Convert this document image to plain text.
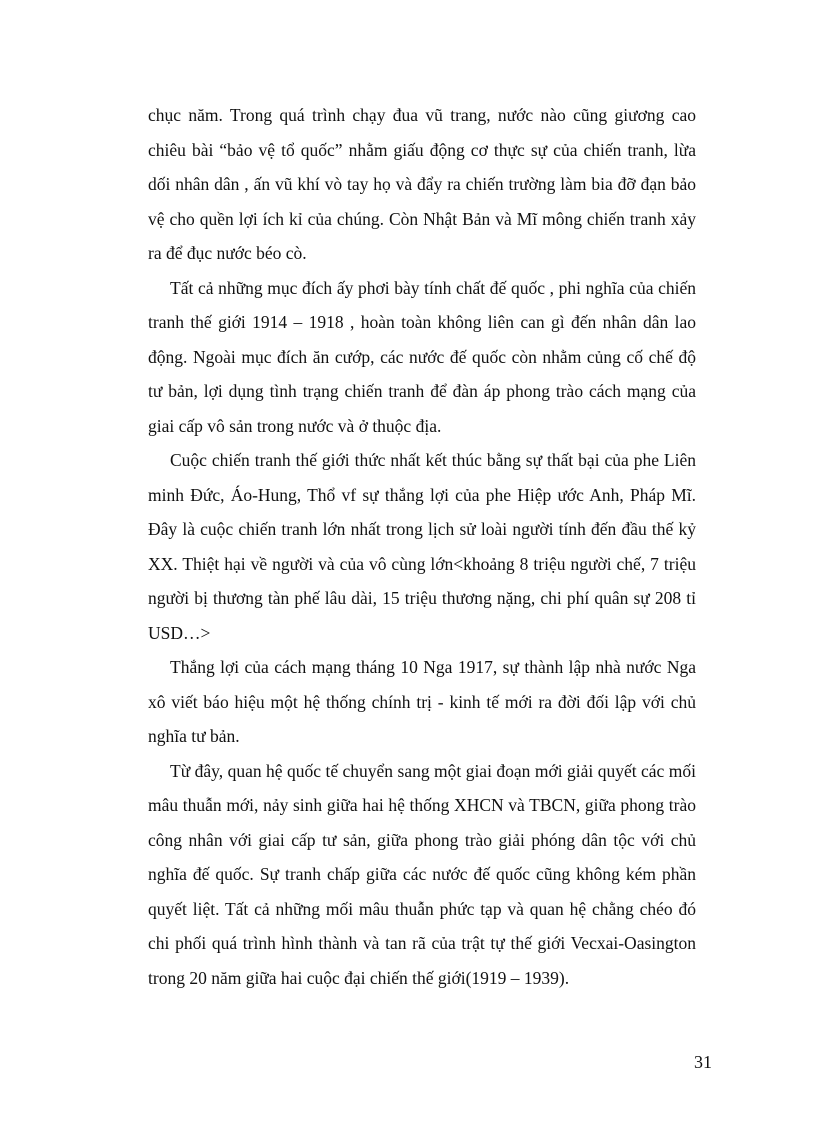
chục năm. Trong quá trình chạy đua vũ trang, nước nào cũng giương cao chiêu bài “bảo vệ tổ quốc” nhằm giấu động cơ thực sự của chiến tranh, lừa dối nhân dân , ấn vũ khí vò tay họ và đẩy ra chiến trường làm bia đỡ đạn bảo vệ cho quền lợi ích kỉ của chúng. Còn Nhật Bản và Mĩ mông chiến tranh xảy ra để đục nước béo cò.

Tất cả những mục đích ấy phơi bày tính chất đế quốc , phi nghĩa của chiến tranh thế giới 1914 – 1918 , hoàn toàn không liên can gì đến nhân dân lao động. Ngoài mục đích ăn cướp, các nước đế quốc còn nhằm củng cố chế độ tư bản, lợi dụng tình trạng chiến tranh để đàn áp phong trào cách mạng của giai cấp vô sản trong nước và ở thuộc địa.

Cuộc chiến tranh thế giới thức nhất kết thúc bằng sự thất bại của phe Liên minh Đức, Áo-Hung, Thổ vf sự thắng lợi của phe Hiệp ước Anh, Pháp Mĩ. Đây là cuộc chiến tranh lớn nhất trong lịch sử loài người tính đến đầu thế kỷ XX. Thiệt hại về người và của vô cùng lớn<khoảng 8 triệu người chế, 7 triệu người bị thương tàn phế lâu dài, 15 triệu thương nặng, chi phí quân sự 208 tỉ USD…>

Thắng lợi của cách mạng tháng 10 Nga 1917, sự thành lập nhà nước Nga xô viết báo hiệu một hệ thống chính trị - kinh tế mới ra đời đối lập với chủ nghĩa tư bản.

Từ đây, quan hệ quốc tế chuyển sang một giai đoạn mới giải quyết các mối mâu thuẫn mới, nảy sinh giữa hai hệ thống XHCN và TBCN, giữa phong trào công nhân với giai cấp tư sản, giữa phong trào giải phóng dân tộc với chủ nghĩa đế quốc. Sự tranh chấp giữa các nước đế quốc cũng không kém phần quyết liệt. Tất cả những mối mâu thuẫn phức tạp và quan hệ chằng chéo đó chi phối quá trình hình thành và tan rã của trật tự thế giới Vecxai-Oasington trong 20 năm giữa hai cuộc đại chiến thế giới(1919 – 1939).

31
